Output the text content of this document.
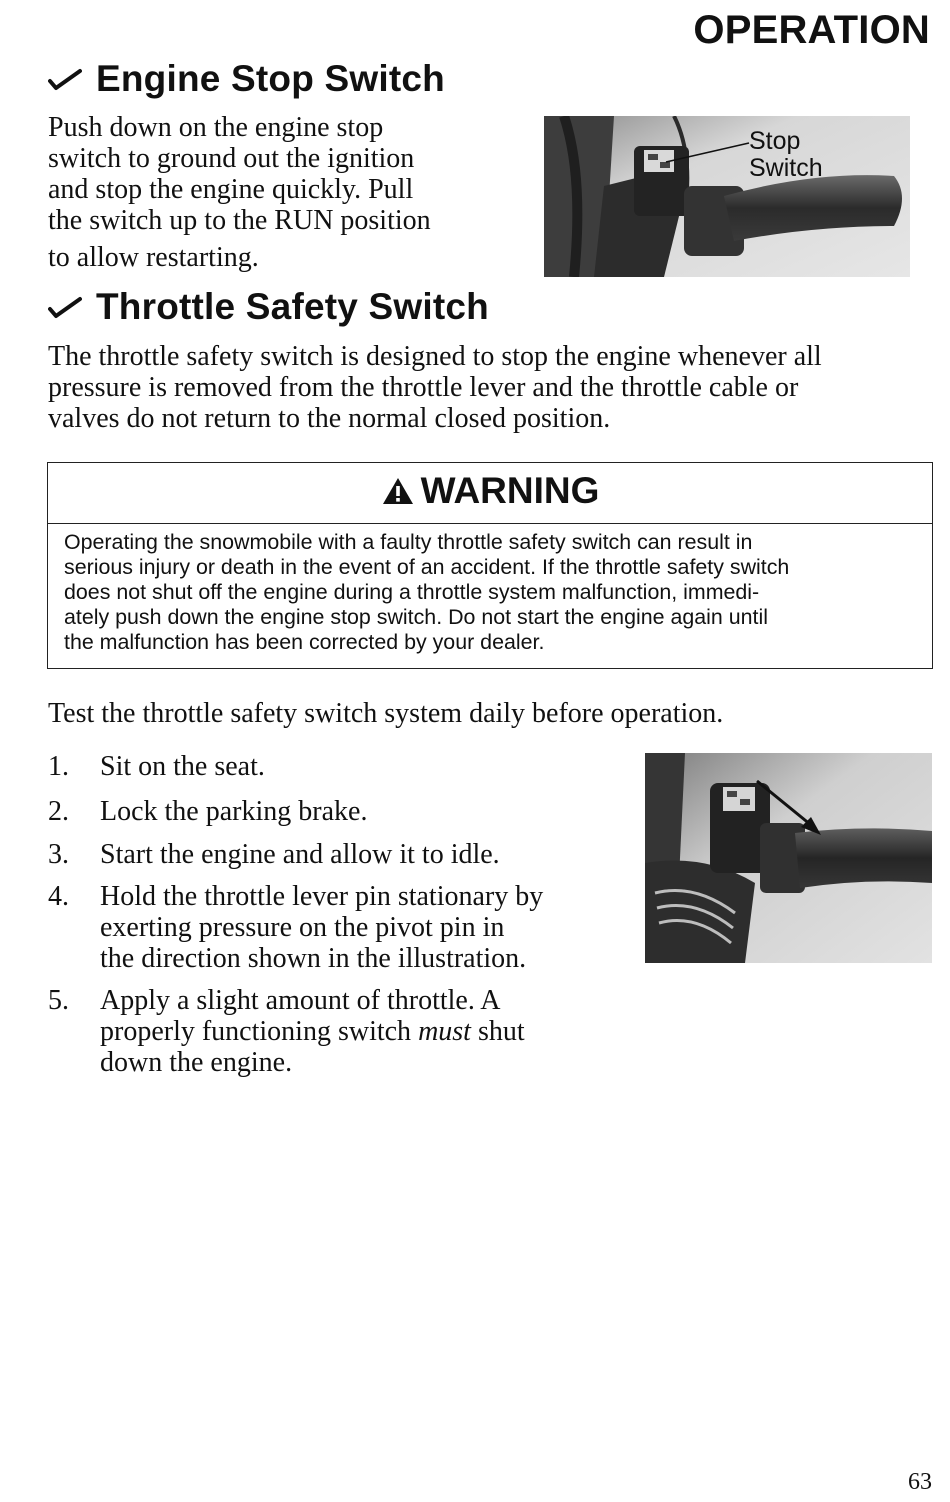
OPERATION
Engine Stop Switch

Push down on the engine stop

switch to ground out the ignition

and stop the engine quickly. Pull

the switch up to the RUN position

to allow restarting.

Stop
Switch
Throttle Safety Switch

The throttle safety switch is designed to stop the engine whenever all

pressure is removed from the throttle lever and the throttle cable or

valves do not return to the normal closed position.

WARNING
Operating the snowmobile with a faulty throttle safety switch can result in
serious injury or death in the event of an accident. If the throttle safety switch
does not shut off the engine during a throttle system malfunction, immedi-
ately push down the engine stop switch. Do not start the engine again until
the malfunction has been corrected by your dealer.
Test the throttle safety switch system daily before operation.
1. Sit on the seat.
2. Lock the parking brake.
3. Start the engine and allow it to idle.
4. Hold the throttle lever pin stationary by
exerting pressure on the pivot pin in
the direction shown in the illustration.
5. Apply a slight amount of throttle. A
properly functioning switch must shut
down the engine.
63
